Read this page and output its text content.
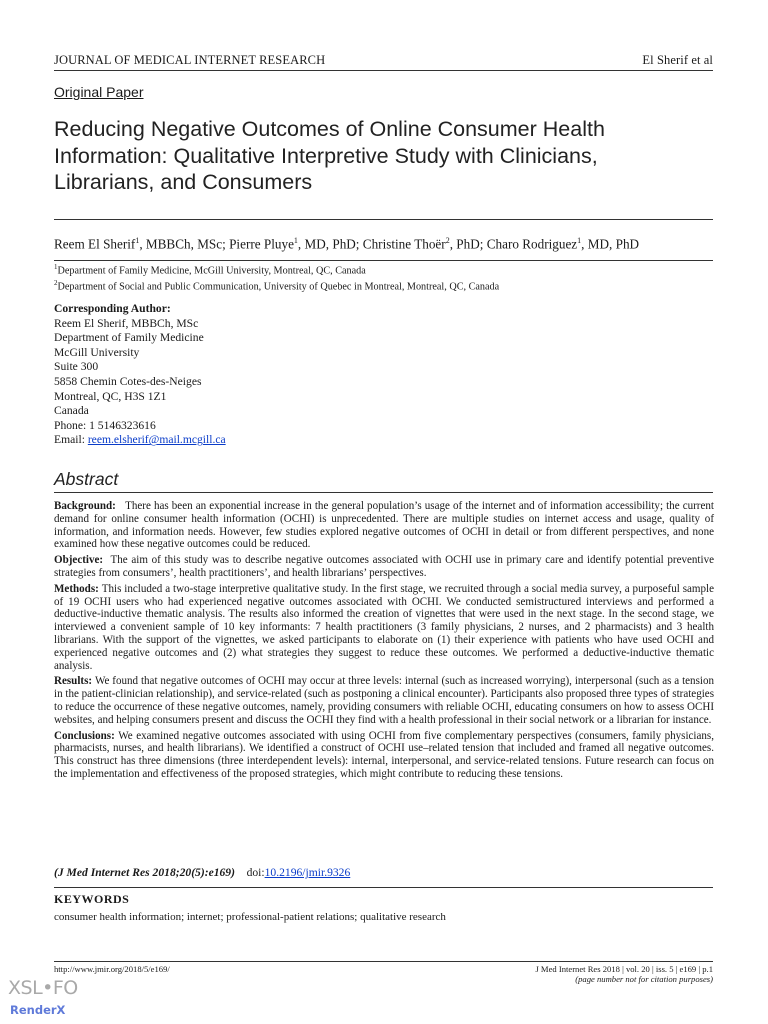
JOURNAL OF MEDICAL INTERNET RESEARCH	El Sherif et al
Original Paper
Reducing Negative Outcomes of Online Consumer Health Information: Qualitative Interpretive Study with Clinicians, Librarians, and Consumers
Reem El Sherif$^1$, MBBCh, MSc; Pierre Pluye$^1$, MD, PhD; Christine Thoër$^2$, PhD; Charo Rodriguez$^1$, MD, PhD
$^1$Department of Family Medicine, McGill University, Montreal, QC, Canada
$^2$Department of Social and Public Communication, University of Quebec in Montreal, Montreal, QC, Canada
Corresponding Author:
Reem El Sherif, MBBCh, MSc
Department of Family Medicine
McGill University
Suite 300
5858 Chemin Cotes-des-Neiges
Montreal, QC, H3S 1Z1
Canada
Phone: 1 5146323616
Email: reem.elsherif@mail.mcgill.ca
Abstract

Background: There has been an exponential increase in the general population’s usage of the internet and of information accessibility; the current demand for online consumer health information (OCHI) is unprecedented. There are multiple studies on internet access and usage, quality of information, and information needs. However, few studies explored negative outcomes of OCHI in detail or from different perspectives, and none examined how these negative outcomes could be reduced.

Objective: The aim of this study was to describe negative outcomes associated with OCHI use in primary care and identify potential preventive strategies from consumers’, health practitioners’, and health librarians’ perspectives.

Methods: This included a two-stage interpretive qualitative study. In the first stage, we recruited through a social media survey, a purposeful sample of 19 OCHI users who had experienced negative outcomes associated with OCHI. We conducted semistructured interviews and performed a deductive-inductive thematic analysis. The results also informed the creation of vignettes that were used in the next stage. In the second stage, we interviewed a convenient sample of 10 key informants: 7 health practitioners (3 family physicians, 2 nurses, and 2 pharmacists) and 3 health librarians. With the support of the vignettes, we asked participants to elaborate on (1) their experience with patients who have used OCHI and experienced negative outcomes and (2) what strategies they suggest to reduce these outcomes. We performed a deductive-inductive thematic analysis.

Results: We found that negative outcomes of OCHI may occur at three levels: internal (such as increased worrying), interpersonal (such as a tension in the patient-clinician relationship), and service-related (such as postponing a clinical encounter). Participants also proposed three types of strategies to reduce the occurrence of these negative outcomes, namely, providing consumers with reliable OCHI, educating consumers on how to assess OCHI websites, and helping consumers present and discuss the OCHI they find with a health professional in their social network or a librarian for instance.

Conclusions: We examined negative outcomes associated with using OCHI from five complementary perspectives (consumers, family physicians, pharmacists, nurses, and health librarians). We identified a construct of OCHI use–related tension that included and framed all negative outcomes. This construct has three dimensions (three interdependent levels): internal, interpersonal, and service-related tensions. Future research can focus on the implementation and effectiveness of the proposed strategies, which might contribute to reducing these tensions.

(J Med Internet Res 2018;20(5):e169) doi:10.2196/jmir.9326
KEYWORDS
consumer health information; internet; professional-patient relations; qualitative research
http://www.jmir.org/2018/5/e169/	J Med Internet Res 2018 | vol. 20 | iss. 5 | e169 | p.1
(page number not for citation purposes)
XSL•FO
RenderX
